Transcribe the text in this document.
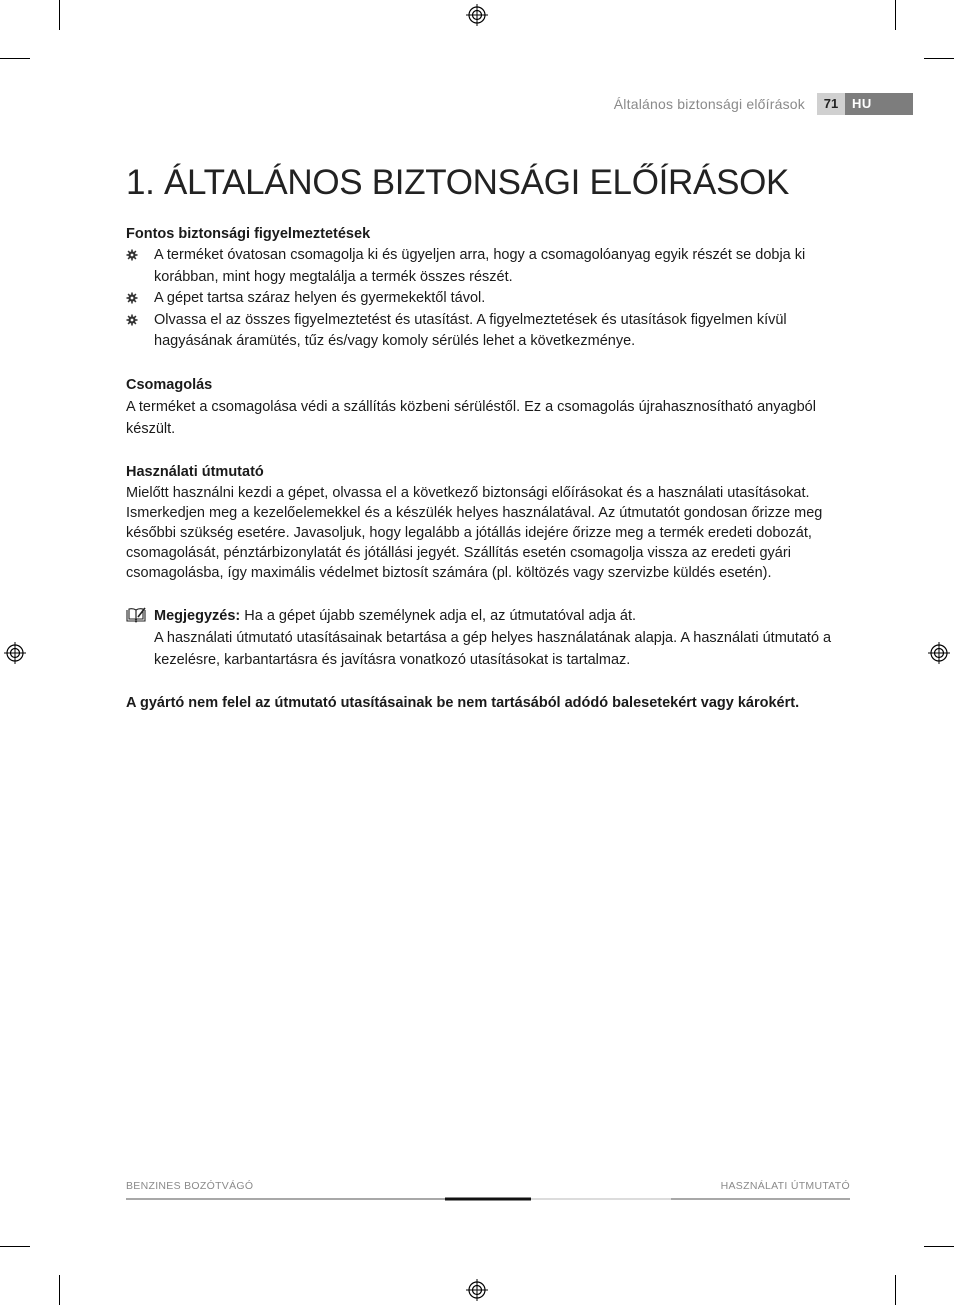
Általános biztonsági előírások	71	HU
1. ÁLTALÁNOS BIZTONSÁGI ELŐÍRÁSOK

Fontos biztonsági figyelmeztetések

A terméket óvatosan csomagolja ki és ügyeljen arra, hogy a csomagolóanyag egyik részét se dobja ki korábban, mint hogy megtalálja a termék összes részét.
A gépet tartsa száraz helyen és gyermekektől távol.
Olvassa el az összes figyelmeztetést és utasítást. A figyelmeztetések és utasítások figyelmen kívül hagyásának áramütés, tűz és/vagy komoly sérülés lehet a következménye.

Csomagolás

A terméket a csomagolása védi a szállítás közbeni sérüléstől. Ez a csomagolás újrahasznosítható anyagból készült.

Használati útmutató

Mielőtt használni kezdi a gépet, olvassa el a következő biztonsági előírásokat és a használati utasításokat. Ismerkedjen meg a kezelőelemekkel és a készülék helyes használatával. Az útmutatót gondosan őrizze meg későbbi szükség esetére. Javasoljuk, hogy legalább a jótállás idejére őrizze meg a termék eredeti dobozát, csomagolását, pénztárbizonylatát és jótállási jegyét. Szállítás esetén csomagolja vissza az eredeti gyári csomagolásba, így maximális védelmet biztosít számára (pl. költözés vagy szervizbe küldés esetén).

Megjegyzés: Ha a gépet újabb személynek adja el, az útmutatóval adja át.

A használati útmutató utasításainak betartása a gép helyes használatának alapja. A használati útmutató a kezelésre, karbantartásra és javításra vonatkozó utasításokat is tartalmaz.

A gyártó nem felel az útmutató utasításainak be nem tartásából adódó balesetekért vagy károkért.

BENZINES BOZÓTVÁGÓ	HASZNÁLATI ÚTMUTATÓ
